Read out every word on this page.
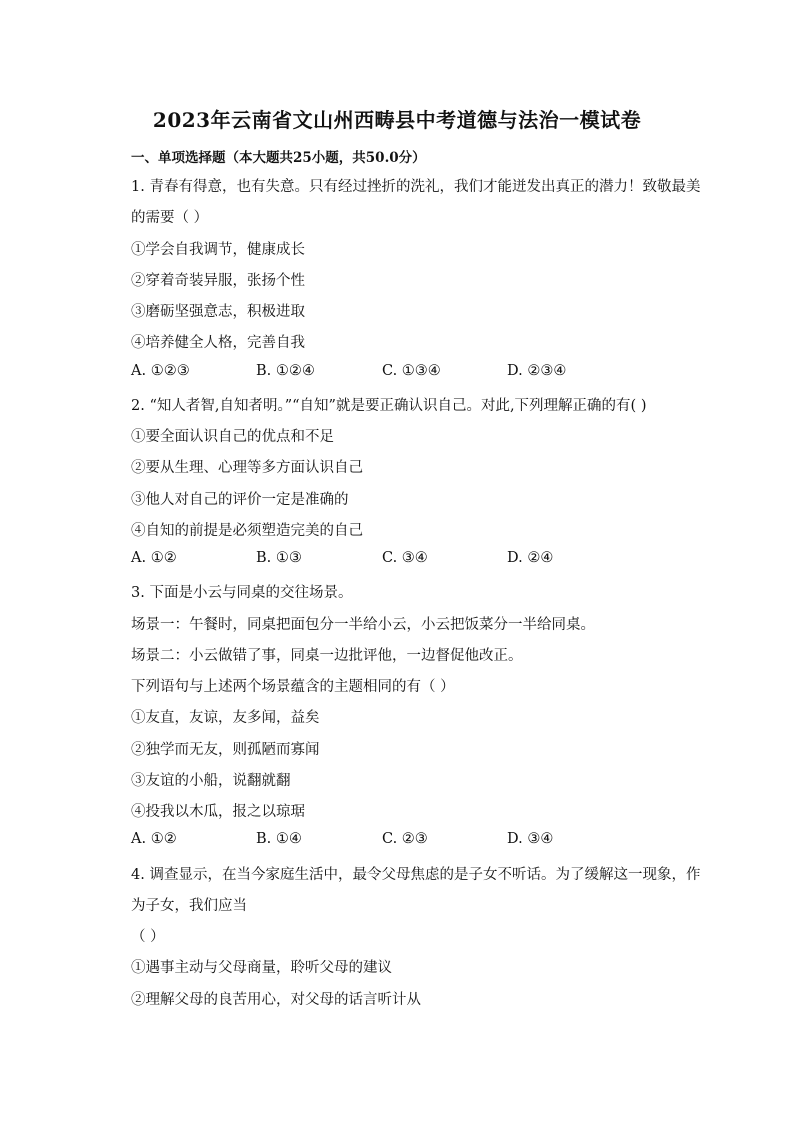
2023年云南省文山州西畴县中考道德与法治一模试卷
一、单项选择题（本大题共25小题，共50.0分）
1. 青春有得意，也有失意。只有经过挫折的洗礼，我们才能迸发出真正的潜力！致敬最美
的需要（ ）
①学会自我调节，健康成长
②穿着奇装异服，张扬个性
③磨砺坚强意志，积极进取
④培养健全人格，完善自我
A. ①②③	B. ①②④	C. ①③④	D. ②③④
2. “知人者智,自知者明。”“自知”就是要正确认识自己。对此,下列理解正确的有( )
①要全面认识自己的优点和不足
②要从生理、心理等多方面认识自己
③他人对自己的评价一定是准确的
④自知的前提是必须塑造完美的自己
A. ①②	B. ①③	C. ③④	D. ②④
3. 下面是小云与同桌的交往场景。
场景一：午餐时，同桌把面包分一半给小云，小云把饭菜分一半给同桌。
场景二：小云做错了事，同桌一边批评他，一边督促他改正。
下列语句与上述两个场景蕴含的主题相同的有（ ）
①友直，友谅，友多闻，益矣
②独学而无友，则孤陋而寡闻
③友谊的小船，说翻就翻
④投我以木瓜，报之以琼琚
A. ①②	B. ①④	C. ②③	D. ③④
4. 调查显示，在当今家庭生活中，最令父母焦虑的是子女不听话。为了缓解这一现象，作
为子女，我们应当
（ ）
①遇事主动与父母商量，聆听父母的建议
②理解父母的良苦用心，对父母的话言听计从
